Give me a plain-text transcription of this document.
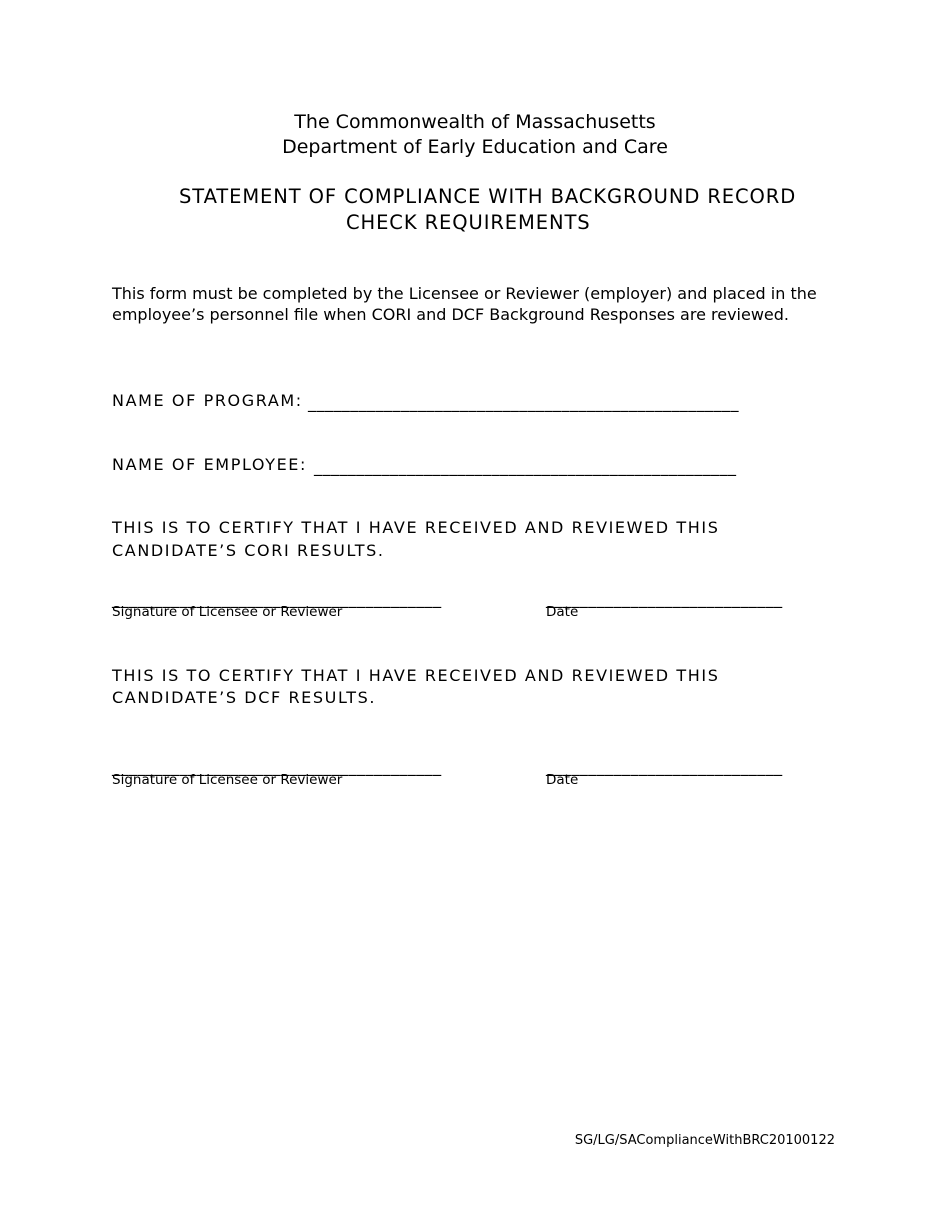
The Commonwealth of Massachusetts
Department of Early Education and Care
STATEMENT OF COMPLIANCE WITH BACKGROUND RECORD
CHECK REQUIREMENTS
This form must be completed by the Licensee or Reviewer (employer) and placed in the
employee’s personnel file when CORI and DCF Background Responses are reviewed.
NAME OF PROGRAM: ___________________________________________________
NAME OF EMPLOYEE: __________________________________________________
THIS IS TO CERTIFY THAT I HAVE RECEIVED AND REVIEWED THIS
CANDIDATE’S CORI RESULTS.
_______________________________________
Signature of Licensee or Reviewer
____________________________
Date
THIS IS TO CERTIFY THAT I HAVE RECEIVED AND REVIEWED THIS
CANDIDATE’S DCF RESULTS.
_______________________________________
Signature of Licensee or Reviewer
____________________________
Date
SG/LG/SAComplianceWithBRC20100122
